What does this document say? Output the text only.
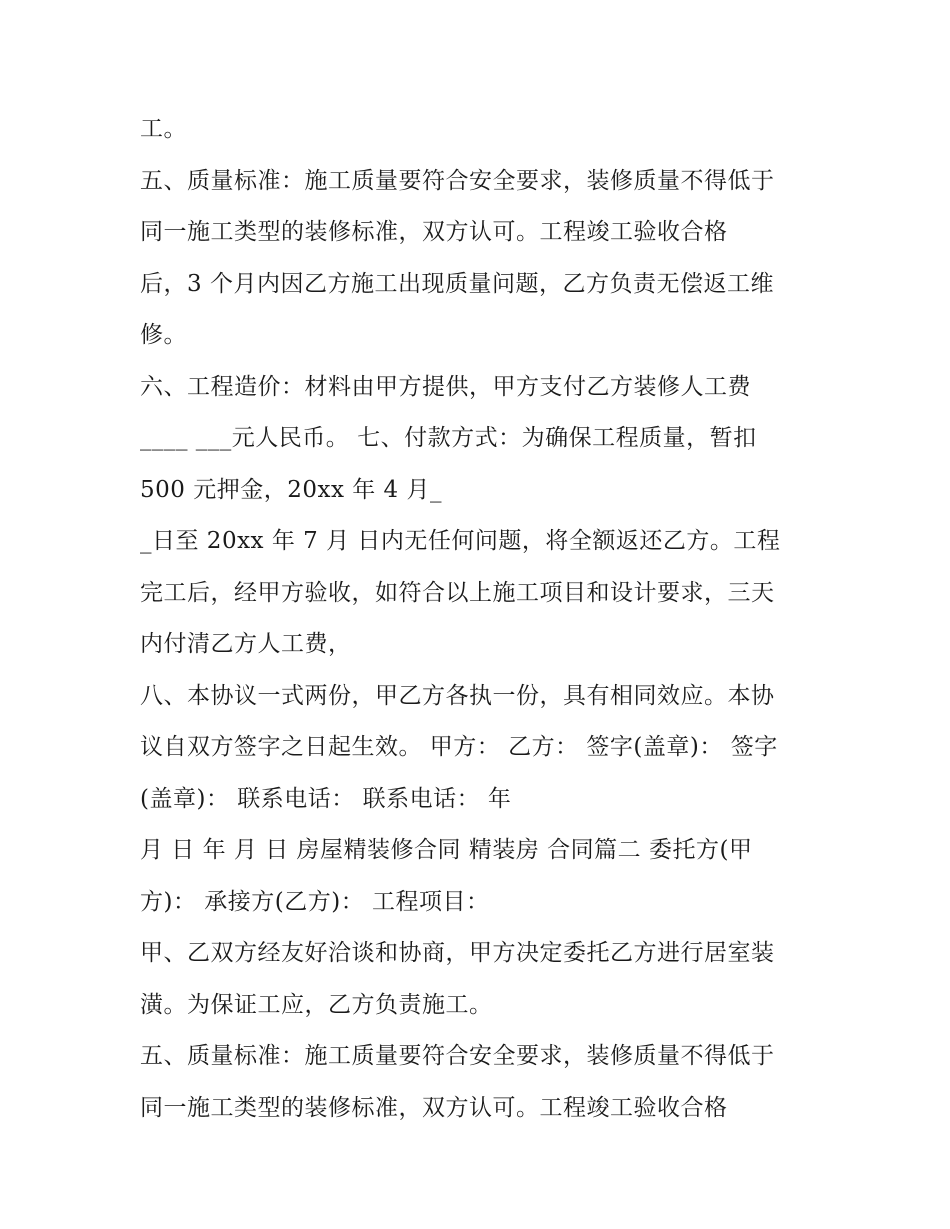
工。
五、质量标准：施工质量要符合安全要求，装修质量不得低于
同一施工类型的装修标准，双方认可。工程竣工验收合格
后，3 个月内因乙方施工出现质量问题，乙方负责无偿返工维
修。
六、工程造价：材料由甲方提供，甲方支付乙方装修人工费
____ ___元人民币。 七、付款方式：为确保工程质量，暂扣
500 元押金，20xx 年 4 月_
_日至 20xx 年 7 月 日内无任何问题，将全额返还乙方。工程
完工后，经甲方验收，如符合以上施工项目和设计要求，三天
内付清乙方人工费，
八、本协议一式两份，甲乙方各执一份，具有相同效应。本协
议自双方签字之日起生效。 甲方： 乙方： 签字(盖章)： 签字
(盖章)： 联系电话： 联系电话： 年
月 日 年 月 日 房屋精装修合同 精装房 合同篇二 委托方(甲
方)： 承接方(乙方)： 工程项目：
甲、乙双方经友好洽谈和协商，甲方决定委托乙方进行居室装
潢。为保证工应，乙方负责施工。
五、质量标准：施工质量要符合安全要求，装修质量不得低于
同一施工类型的装修标准，双方认可。工程竣工验收合格
